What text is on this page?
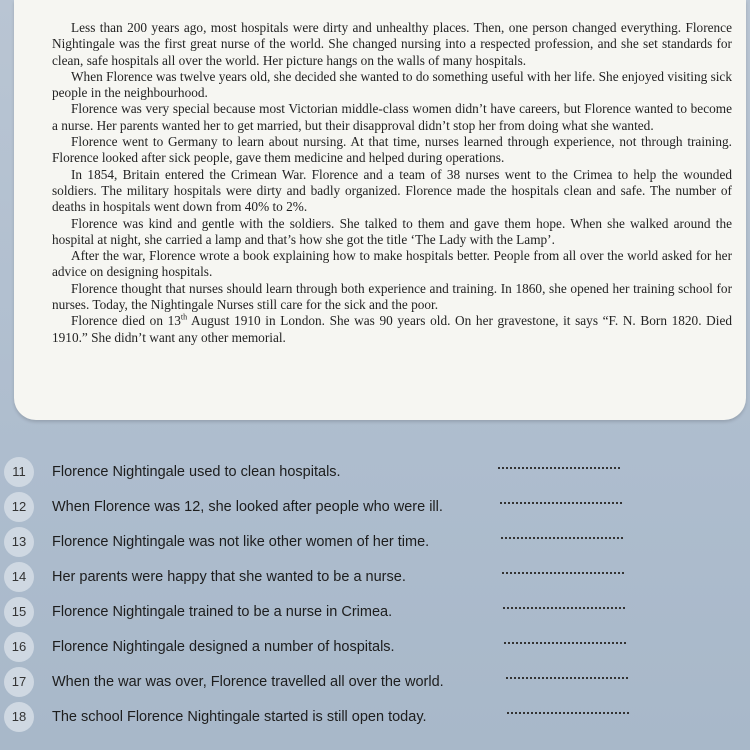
Less than 200 years ago, most hospitals were dirty and unhealthy places. Then, one person changed everything. Florence Nightingale was the first great nurse of the world. She changed nursing into a respected profession, and she set standards for clean, safe hospitals all over the world. Her picture hangs on the walls of many hospitals.

When Florence was twelve years old, she decided she wanted to do something useful with her life. She enjoyed visiting sick people in the neighbourhood.

Florence was very special because most Victorian middle-class women didn’t have careers, but Florence wanted to become a nurse. Her parents wanted her to get married, but their disapproval didn’t stop her from doing what she wanted.

Florence went to Germany to learn about nursing. At that time, nurses learned through experience, not through training. Florence looked after sick people, gave them medicine and helped during operations.

In 1854, Britain entered the Crimean War. Florence and a team of 38 nurses went to the Crimea to help the wounded soldiers. The military hospitals were dirty and badly organized. Florence made the hospitals clean and safe. The number of deaths in hospitals went down from 40% to 2%.

Florence was kind and gentle with the soldiers. She talked to them and gave them hope. When she walked around the hospital at night, she carried a lamp and that’s how she got the title ‘The Lady with the Lamp’.

After the war, Florence wrote a book explaining how to make hospitals better. People from all over the world asked for her advice on designing hospitals.

Florence thought that nurses should learn through both experience and training. In 1860, she opened her training school for nurses. Today, the Nightingale Nurses still care for the sick and the poor.

Florence died on 13th August 1910 in London. She was 90 years old. On her gravestone, it says “F. N. Born 1820. Died 1910.” She didn’t want any other memorial.

11	Florence Nightingale used to clean hospitals.
12	When Florence was 12, she looked after people who were ill.
13	Florence Nightingale was not like other women of her time.
14	Her parents were happy that she wanted to be a nurse.
15	Florence Nightingale trained to be a nurse in Crimea.
16	Florence Nightingale designed a number of hospitals.
17	When the war was over, Florence travelled all over the world.
18	The school Florence Nightingale started is still open today.
